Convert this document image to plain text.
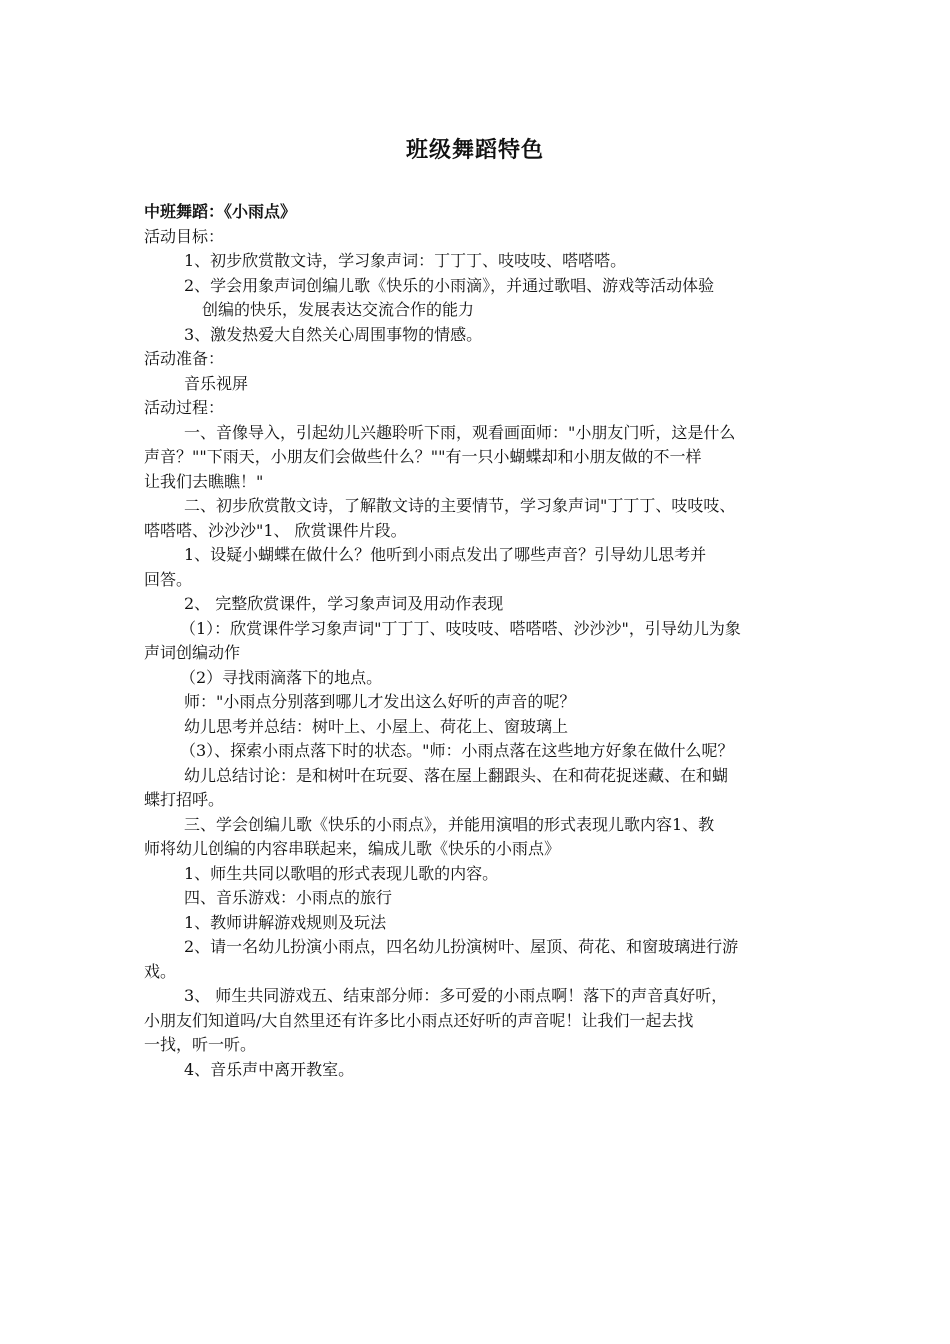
班级舞蹈特色
中班舞蹈：《小雨点》
活动目标：
1、初步欣赏散文诗，学习象声词：丁丁丁、吱吱吱、嗒嗒嗒。
2、学会用象声词创编儿歌《快乐的小雨滴》，并通过歌唱、游戏等活动体验
创编的快乐，发展表达交流合作的能力
3、激发热爱大自然关心周围事物的情感。
活动准备：
音乐视屏
活动过程：
一、音像导入，引起幼儿兴趣聆听下雨，观看画面师："小朋友门听，这是什么
声音？""下雨天，小朋友们会做些什么？""有一只小蝴蝶却和小朋友做的不一样
让我们去瞧瞧！"
二、初步欣赏散文诗，了解散文诗的主要情节，学习象声词"丁丁丁、吱吱吱、
嗒嗒嗒、沙沙沙"1、 欣赏课件片段。
1、设疑小蝴蝶在做什么？他听到小雨点发出了哪些声音？引导幼儿思考并
回答。
2、 完整欣赏课件，学习象声词及用动作表现
（1）：欣赏课件学习象声词"丁丁丁、吱吱吱、嗒嗒嗒、沙沙沙"，引导幼儿为象
声词创编动作
（2）寻找雨滴落下的地点。
师："小雨点分别落到哪儿才发出这么好听的声音的呢？
幼儿思考并总结：树叶上、小屋上、荷花上、窗玻璃上
（3）、探索小雨点落下时的状态。"师：小雨点落在这些地方好象在做什么呢？
幼儿总结讨论：是和树叶在玩耍、落在屋上翻跟头、在和荷花捉迷藏、在和蝴
蝶打招呼。
三、学会创编儿歌《快乐的小雨点》，并能用演唱的形式表现儿歌内容1、教
师将幼儿创编的内容串联起来，编成儿歌《快乐的小雨点》
1、师生共同以歌唱的形式表现儿歌的内容。
四、音乐游戏：小雨点的旅行
1、教师讲解游戏规则及玩法
2、请一名幼儿扮演小雨点，四名幼儿扮演树叶、屋顶、荷花、和窗玻璃进行游
戏。
3、 师生共同游戏五、结束部分师：多可爱的小雨点啊！落下的声音真好听，
小朋友们知道吗/大自然里还有许多比小雨点还好听的声音呢！让我们一起去找
一找，听一听。
4、音乐声中离开教室。
